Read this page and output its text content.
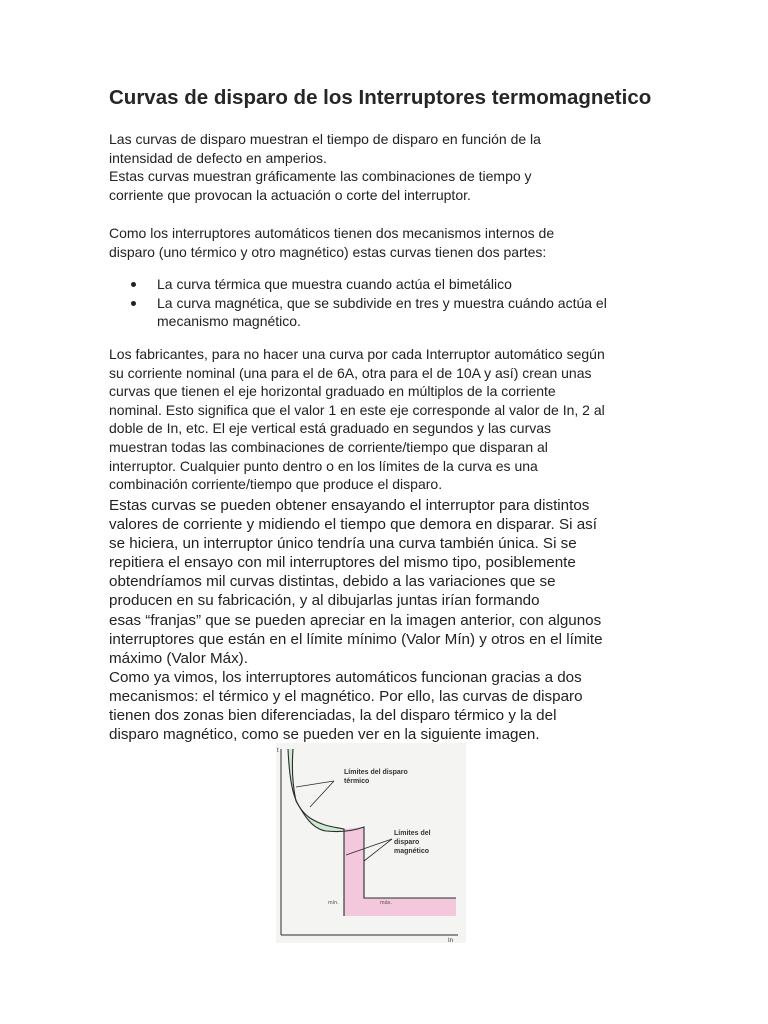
Curvas de disparo de los Interruptores termomagnetico

Las curvas de disparo muestran el tiempo de disparo en función de la
intensidad de defecto en amperios.
Estas curvas muestran gráficamente las combinaciones de tiempo y
corriente que provocan la actuación o corte del interruptor.

Como los interruptores automáticos tienen dos mecanismos internos de
disparo (uno térmico y otro magnético) estas curvas tienen dos partes:

La curva térmica que muestra cuando actúa el bimetálico
La curva magnética, que se subdivide en tres y muestra cuándo actúa el
mecanismo magnético.

Los fabricantes, para no hacer una curva por cada Interruptor automático según
su corriente nominal (una para el de 6A, otra para el de 10A y así) crean unas
curvas que tienen el eje horizontal graduado en múltiplos de la corriente
nominal. Esto significa que el valor 1 en este eje corresponde al valor de In, 2 al
doble de In, etc. El eje vertical está graduado en segundos y las curvas
muestran todas las combinaciones de corriente/tiempo que disparan al
interruptor. Cualquier punto dentro o en los límites de la curva es una
combinación corriente/tiempo que produce el disparo.

Estas curvas se pueden obtener ensayando el interruptor para distintos
valores de corriente y midiendo el tiempo que demora en disparar. Si así
se hiciera, un interruptor único tendría una curva también única. Si se
repitiera el ensayo con mil interruptores del mismo tipo, posiblemente
obtendríamos mil curvas distintas, debido a las variaciones que se
producen en su fabricación, y al dibujarlas juntas irían formando
esas “franjas” que se pueden apreciar en la imagen anterior, con algunos
interruptores que están en el límite mínimo (Valor Mín) y otros en el límite
máximo (Valor Máx).
Como ya vimos, los interruptores automáticos funcionan gracias a dos
mecanismos: el térmico y el magnético. Por ello, las curvas de disparo
tienen dos zonas bien diferenciadas, la del disparo térmico y la del
disparo magnético, como se pueden ver en la siguiente imagen.

t
In
Límites del disparo
térmico
Límites del
disparo
magnético
mín.	máx.
